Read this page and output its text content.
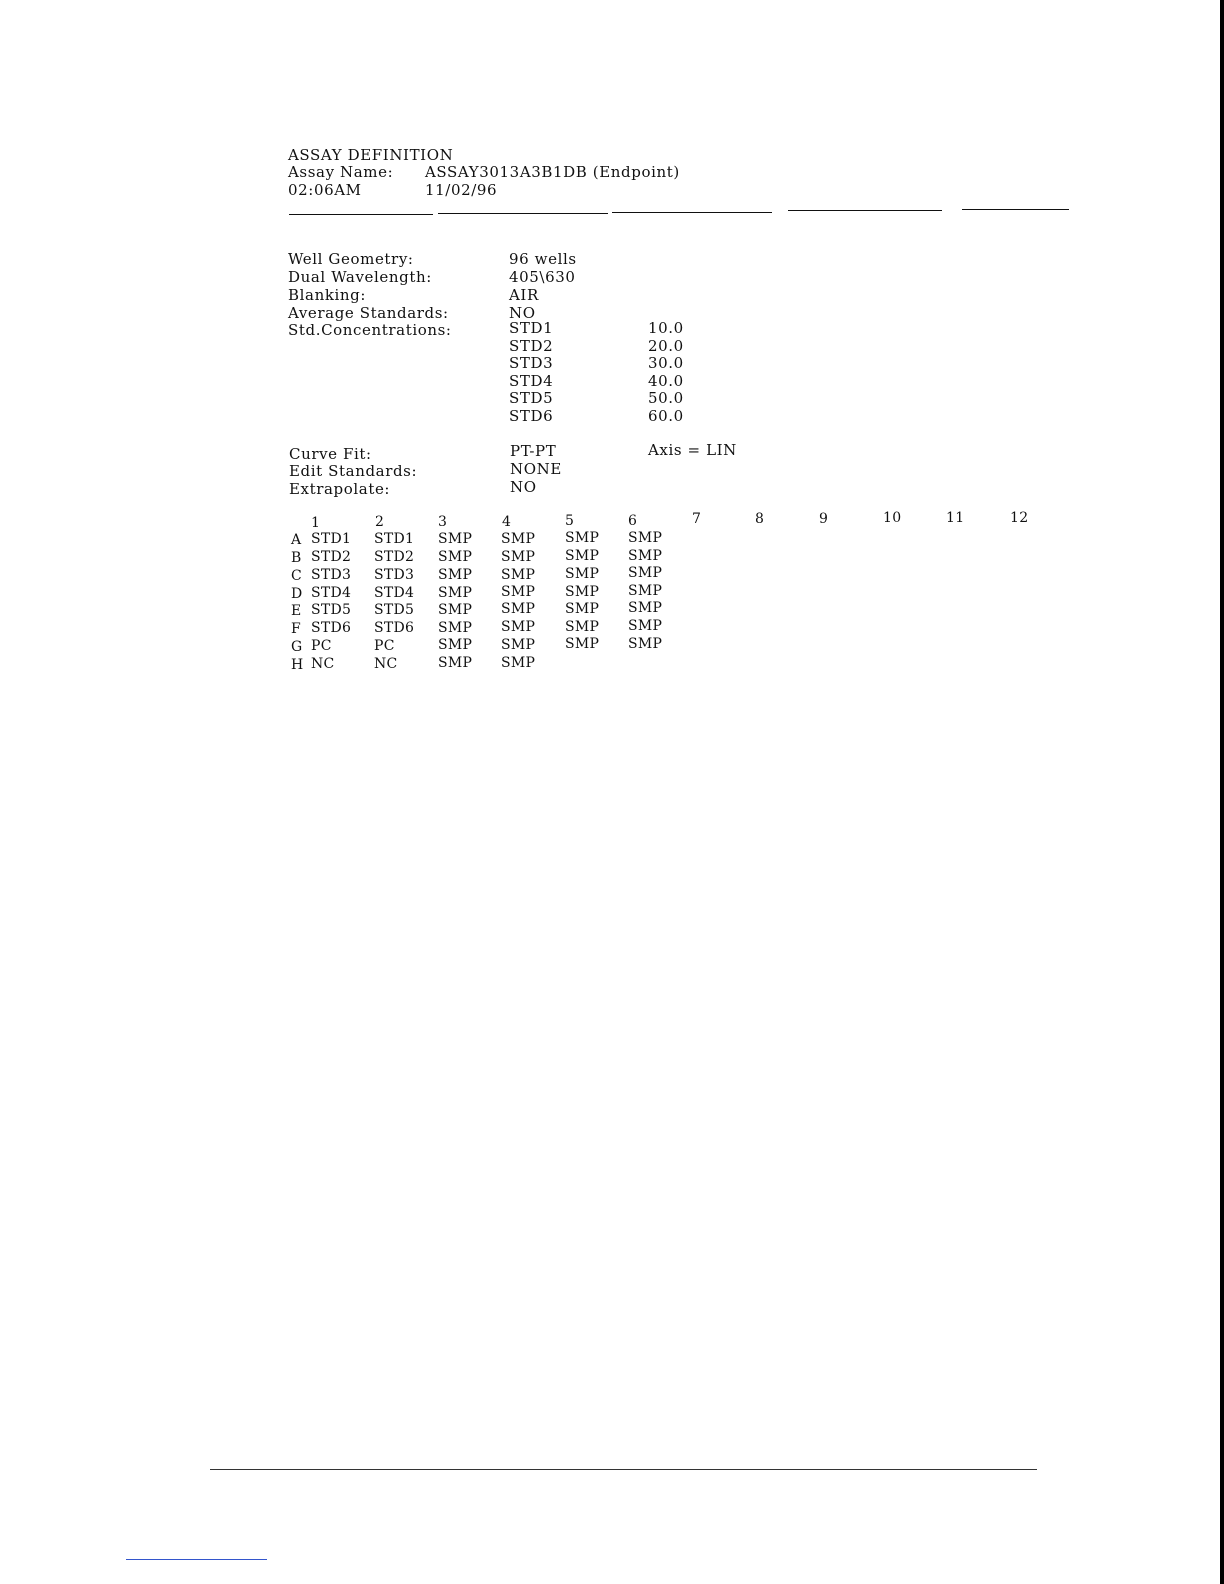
ASSAY DEFINITION
Assay Name: ASSAY3013A3B1DB (Endpoint)
02:06AM	11/02/96
Well Geometry:	96 wells
Dual Wavelength:	405\630
Blanking:	AIR
Average Standards:	NO
Std.Concentrations:	STD1	10.0
STD2	20.0
STD3	30.0
STD4	40.0
STD5	50.0
STD6	60.0
Curve Fit:	PT-PT	Axis = LIN
Edit Standards:	NONE
Extrapolate:	NO
1	2	3	4	5	6	7	8	9	10	11	12
A STD1 STD1 SMP SMP SMP SMP
B STD2 STD2 SMP SMP SMP SMP
C STD3 STD3 SMP SMP SMP SMP
D STD4 STD4 SMP SMP SMP SMP
E STD5 STD5 SMP SMP SMP SMP
F STD6 STD6 SMP SMP SMP SMP
G PC	PC	SMP SMP SMP SMP
H NC	NC	SMP SMP
